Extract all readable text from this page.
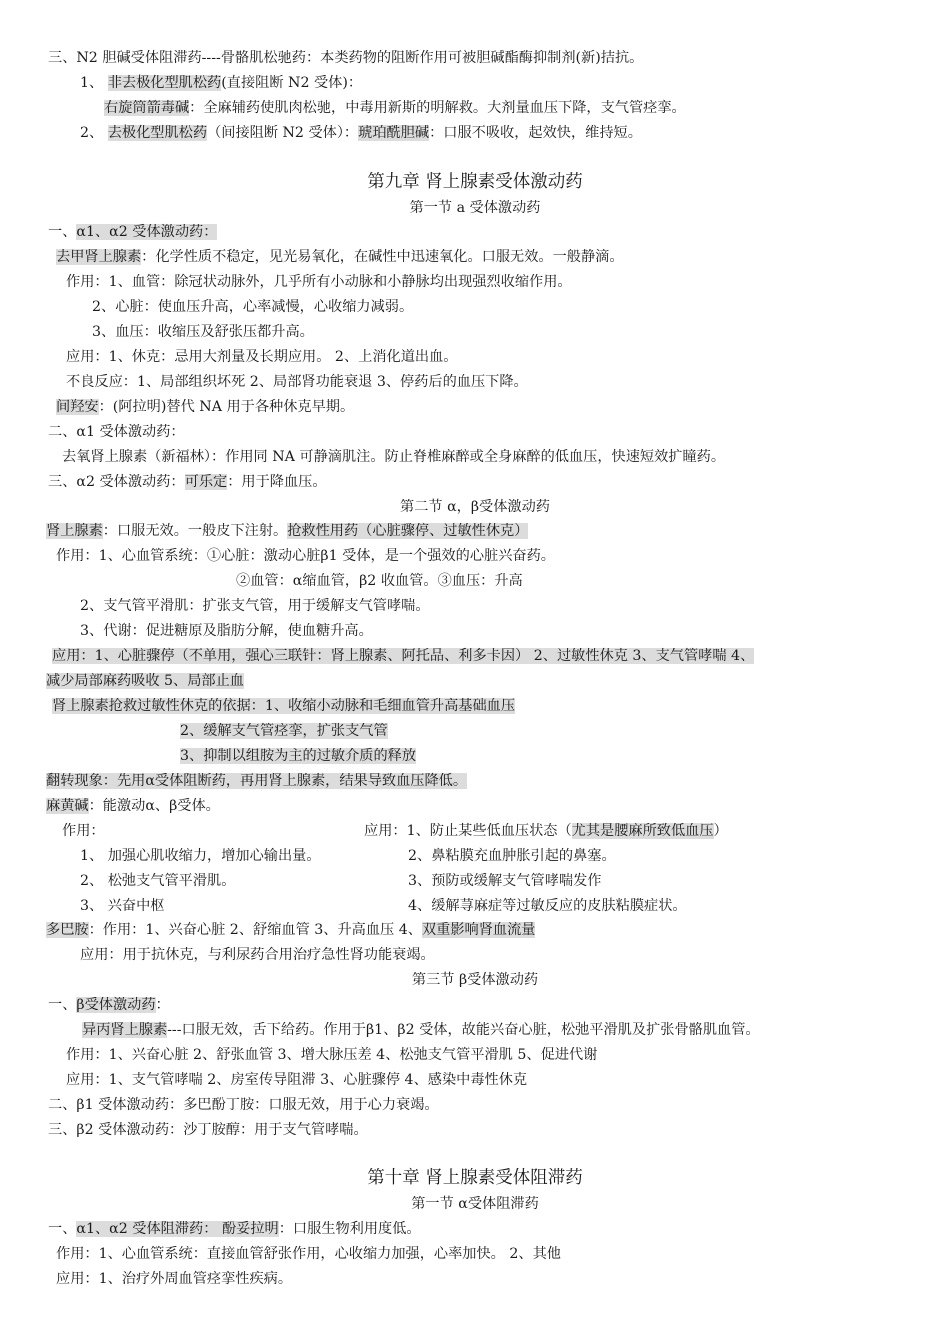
三、N2 胆碱受体阻滞药----骨骼肌松驰药：本类药物的阻断作用可被胆碱酯酶抑制剂(新)拮抗。
1、 非去极化型肌松药(直接阻断 N2 受体)：
右旋筒箭毒碱：全麻辅药使肌肉松驰，中毒用新斯的明解救。大剂量血压下降，支气管痉挛。
2、 去极化型肌松药（间接阻断 N2 受体）：琥珀酰胆碱：口服不吸收，起效快，维持短。
第九章 肾上腺素受体激动药
第一节 a 受体激动药
一、α1、α2 受体激动药：
去甲肾上腺素：化学性质不稳定，见光易氧化，在碱性中迅速氧化。口服无效。一般静滴。
作用：1、血管：除冠状动脉外，几乎所有小动脉和小静脉均出现强烈收缩作用。
2、心脏：使血压升高，心率减慢，心收缩力减弱。
3、血压：收缩压及舒张压都升高。
应用：1、休克：忌用大剂量及长期应用。 2、上消化道出血。
不良反应：1、局部组织坏死 2、局部肾功能衰退 3、停药后的血压下降。
间羟安：(阿拉明)替代 NA 用于各种休克早期。
二、α1 受体激动药：
去氧肾上腺素（新福林）：作用同 NA 可静滴肌注。防止脊椎麻醉或全身麻醉的低血压，快速短效扩瞳药。
三、α2 受体激动药：可乐定：用于降血压。
第二节 α，β受体激动药
肾上腺素：口服无效。一般皮下注射。抢救性用药（心脏骤停、过敏性休克）
作用：1、心血管系统：①心脏：激动心脏β1 受体，是一个强效的心脏兴奋药。
②血管：α缩血管，β2 收血管。③血压：升高
2、支气管平滑肌：扩张支气管，用于缓解支气管哮喘。
3、代谢：促进糖原及脂肪分解，使血糖升高。
应用：1、心脏骤停（不单用，强心三联针：肾上腺素、阿托品、利多卡因） 2、过敏性休克 3、支气管哮喘 4、
减少局部麻药吸收 5、局部止血
肾上腺素抢救过敏性休克的依据：1、收缩小动脉和毛细血管升高基础血压
2、缓解支气管痉挛，扩张支气管
3、抑制以组胺为主的过敏介质的释放
翻转现象：先用α受体阻断药，再用肾上腺素，结果导致血压降低。
麻黄碱：能激动α、β受体。
作用：	应用：1、防止某些低血压状态（尤其是腰麻所致低血压）
1、 加强心肌收缩力，增加心输出量。	2、鼻粘膜充血肿胀引起的鼻塞。
2、 松弛支气管平滑肌。	3、预防或缓解支气管哮喘发作
3、 兴奋中枢	4、缓解荨麻症等过敏反应的皮肤粘膜症状。
多巴胺：作用：1、兴奋心脏 2、舒缩血管 3、升高血压 4、双重影响肾血流量
应用：用于抗休克，与利尿药合用治疗急性肾功能衰竭。
第三节 β受体激动药
一、β受体激动药：
异丙肾上腺素---口服无效，舌下给药。作用于β1、β2 受体，故能兴奋心脏，松弛平滑肌及扩张骨骼肌血管。
作用：1、兴奋心脏 2、舒张血管 3、增大脉压差 4、松弛支气管平滑肌 5、促进代谢
应用：1、支气管哮喘 2、房室传导阻滞 3、心脏骤停 4、感染中毒性休克
二、β1 受体激动药：多巴酚丁胺：口服无效，用于心力衰竭。
三、β2 受体激动药：沙丁胺醇：用于支气管哮喘。
第十章 肾上腺素受体阻滞药
第一节 α受体阻滞药
一、α1、α2 受体阻滞药： 酚妥拉明：口服生物利用度低。
作用：1、心血管系统：直接血管舒张作用，心收缩力加强，心率加快。 2、其他
应用：1、治疗外周血管痉挛性疾病。
